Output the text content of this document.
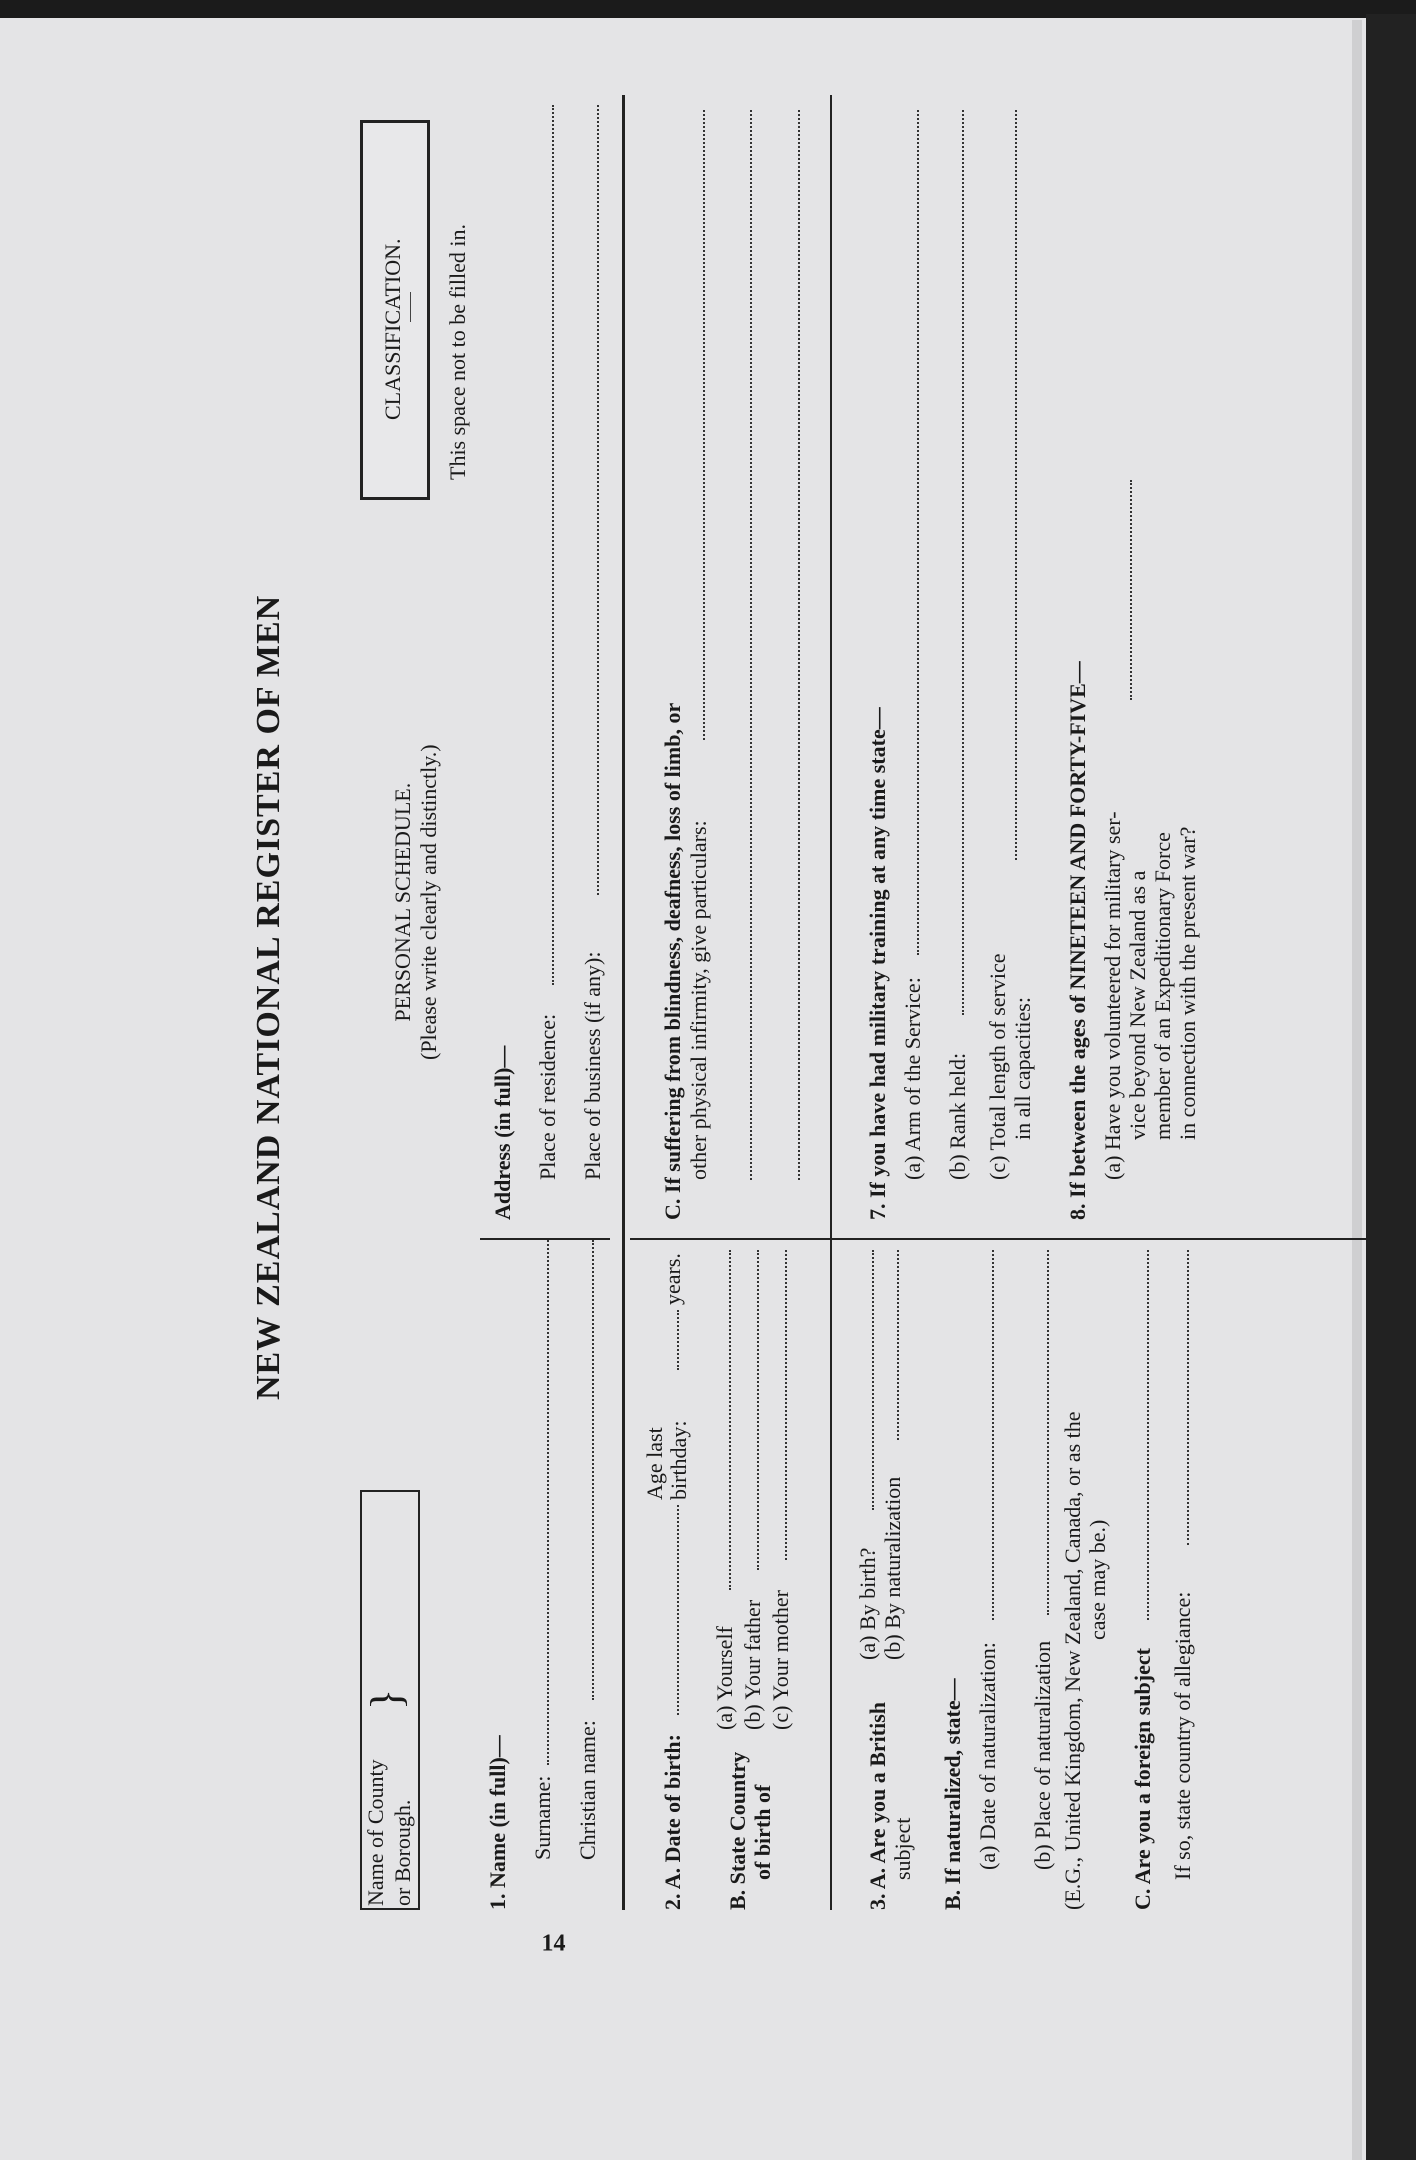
14
NEW ZEALAND NATIONAL REGISTER OF MEN
Name of County or Borough.
}
PERSONAL SCHEDULE. (Please write clearly and distinctly.)
CLASSIFICATION. This space not to be filled in.
1. Name (in full)— Surname: Christian name:
Address (in full)— Place of residence: Place of business (if any):
2. A. Date of birth:
Age last birthday:
years.
B. State Country of birth of
(a) Yourself (b) Your father (c) Your mother
C. If suffering from blindness, deafness, loss of limb, or other physical infirmity, give particulars:
3. A. Are you a British subject
(a) By birth? (b) By naturalization
B. If naturalized, state— (a) Date of naturalization: (b) Place of naturalization (E.G., United Kingdom, New Zealand, Canada, or as the case may be.)
C. Are you a foreign subject If so, state country of allegiance:
7. If you have had military training at any time state— (a) Arm of the Service: (b) Rank held: (c) Total length of service in all capacities: 8. If between the ages of NINETEEN AND FORTY-FIVE— (a) Have you volunteered for military ser- vice beyond New Zealand as a member of an Expeditionary Force in connection with the present war?
